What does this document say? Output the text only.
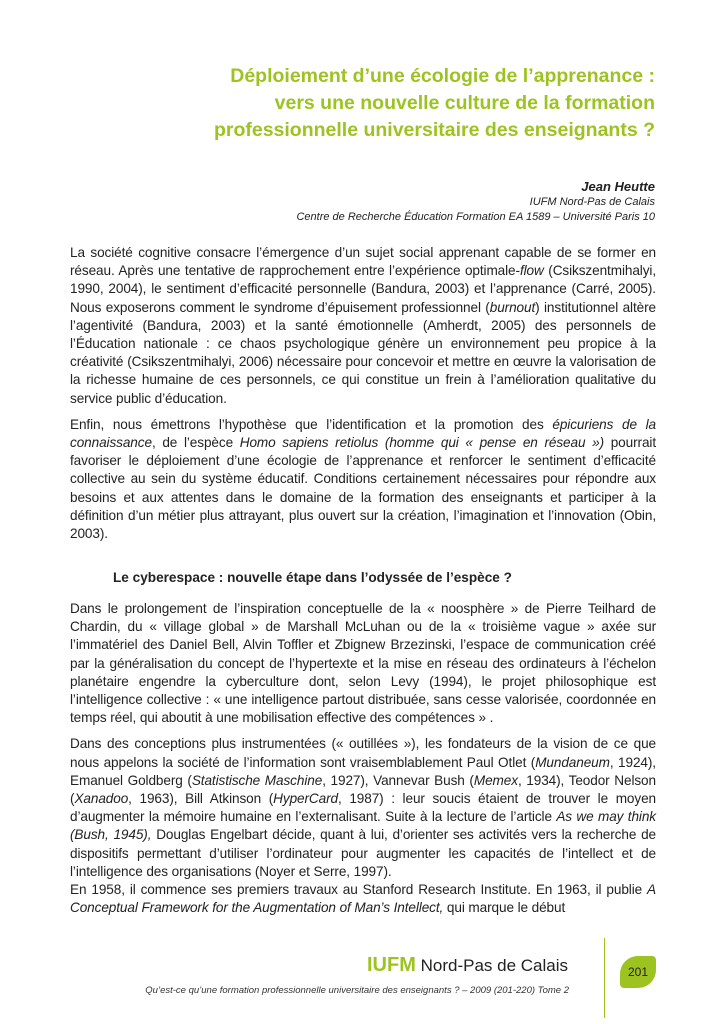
Déploiement d’une écologie de l’apprenance :
vers une nouvelle culture de la formation
professionnelle universitaire des enseignants ?
Jean Heutte
IUFM Nord-Pas de Calais
Centre de Recherche Éducation Formation EA 1589 – Université Paris 10

La société cognitive consacre l’émergence d’un sujet social apprenant capable de se former en réseau. Après une tentative de rapprochement entre l’expérience optimale-flow (Csikszentmihalyi, 1990, 2004), le sentiment d’efficacité personnelle (Bandura, 2003) et l’apprenance (Carré, 2005). Nous exposerons comment le syndrome d’épuisement professionnel (burnout) institutionnel altère l’agentivité (Bandura, 2003) et la santé émotionnelle (Amherdt, 2005) des personnels de l’Éducation nationale : ce chaos psychologique génère un environnement peu propice à la créativité (Csikszentmihalyi, 2006) nécessaire pour concevoir et mettre en œuvre la valorisation de la richesse humaine de ces personnels, ce qui constitue un frein à l’amélioration qualitative du service public d’éducation.

Enfin, nous émettrons l’hypothèse que l’identification et la promotion des épicuriens de la connaissance, de l’espèce Homo sapiens retiolus (homme qui « pense en réseau ») pourrait favoriser le déploiement d’une écologie de l’apprenance et renforcer le sentiment d’efficacité collective au sein du système éducatif. Conditions certainement nécessaires pour répondre aux besoins et aux attentes dans le domaine de la formation des enseignants et participer à la définition d’un métier plus attrayant, plus ouvert sur la création, l’imagination et l’innovation (Obin, 2003).

Le cyberespace : nouvelle étape dans l’odyssée de l’espèce ?

Dans le prolongement de l’inspiration conceptuelle de la « noosphère » de Pierre Teilhard de Chardin, du « village global » de Marshall McLuhan ou de la « troisième vague » axée sur l’immatériel des Daniel Bell, Alvin Toffler et Zbignew Brzezinski, l’espace de communication créé par la généralisation du concept de l’hypertexte et la mise en réseau des ordinateurs à l’échelon planétaire engendre la cyberculture dont, selon Levy (1994), le projet philosophique est l’intelligence collective : « une intelligence partout distribuée, sans cesse valorisée, coordonnée en temps réel, qui aboutit à une mobilisation effective des compétences » .

Dans des conceptions plus instrumentées (« outillées »), les fondateurs de la vision de ce que nous appelons la société de l’information sont vraisemblablement Paul Otlet (Mundaneum, 1924), Emanuel Goldberg (Statistische Maschine, 1927), Vannevar Bush (Memex, 1934), Teodor Nelson (Xanadoo, 1963), Bill Atkinson (HyperCard, 1987) : leur soucis étaient de trouver le moyen d’augmenter la mémoire humaine en l’externalisant. Suite à la lecture de l’article As we may think (Bush, 1945), Douglas Engelbart décide, quant à lui, d’orienter ses activités vers la recherche de dispositifs permettant d’utiliser l’ordinateur pour augmenter les capacités de l’intellect et de l’intelligence des organisations (Noyer et Serre, 1997).

En 1958, il commence ses premiers travaux au Stanford Research Institute. En 1963, il publie A Conceptual Framework for the Augmentation of Man’s Intellect, qui marque le début

IUFM Nord-Pas de Calais
Qu’est-ce qu’une formation professionnelle universitaire des enseignants ? – 2009 (201-220) Tome 2
201
